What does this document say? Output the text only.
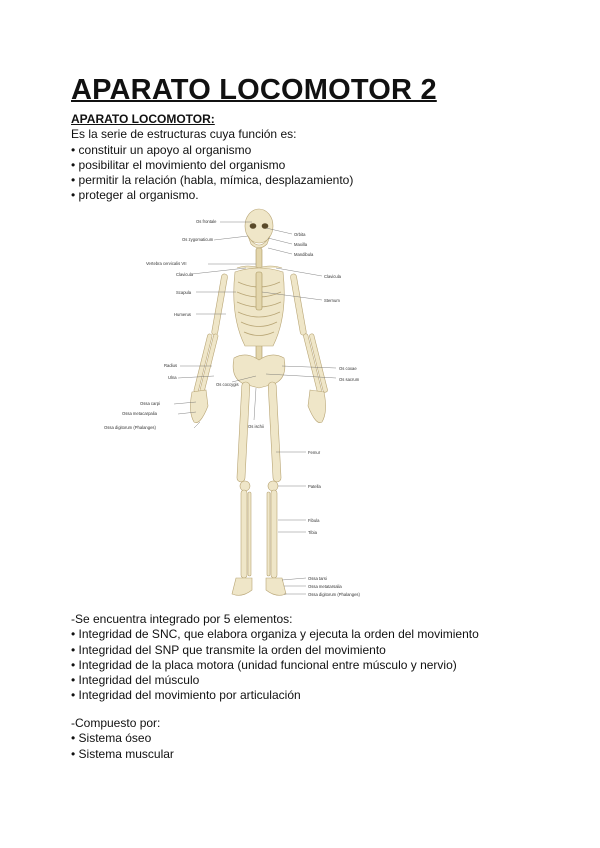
APARATO LOCOMOTOR 2
APARATO LOCOMOTOR:
Es la serie de estructuras cuya función es:
• constituir un apoyo al organismo
• posibilitar el movimiento del organismo
• permitir la relación (habla, mímica, desplazamiento)
• proteger al organismo.
Os frontale
Os zygomaticum
Vertebra cervicalis VII
Clavicula
Scapula
Humerus
Radius
Ulna
Os coccygis
Ossa carpi
Ossa metacarpalia
Ossa digitorum (Phalanges)	Os ischii
Orbita
Maxilla
Mandibula
Clavicula
Sternum
Os coxae
Os sacrum
Femur
Patella
Fibula
Tibia
Ossa tarsi
Ossa metatarsalia
Ossa digitorum (Phalanges)
-Se encuentra integrado por 5 elementos:
• Integridad de SNC, que elabora organiza y ejecuta la orden del movimiento
• Integridad del SNP que transmite la orden del movimiento
• Integridad de la placa motora (unidad funcional entre músculo y nervio)
• Integridad del músculo
• Integridad del movimiento por articulación
-Compuesto por:
• Sistema óseo
• Sistema muscular
